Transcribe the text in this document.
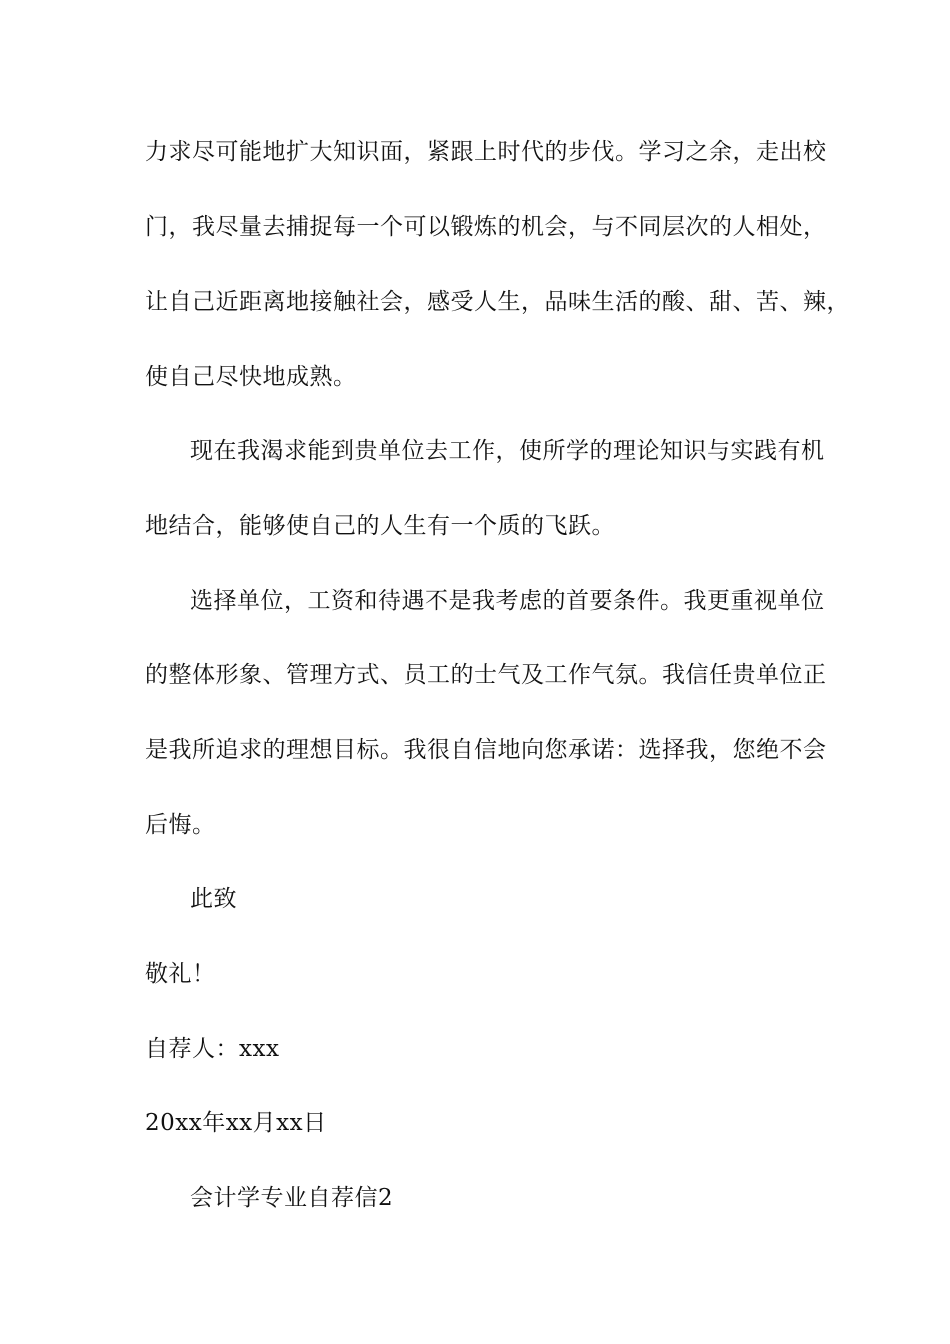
力求尽可能地扩大知识面，紧跟上时代的步伐。学习之余，走出校
门，我尽量去捕捉每一个可以锻炼的机会，与不同层次的人相处，
让自己近距离地接触社会，感受人生，品味生活的酸、甜、苦、辣，
使自己尽快地成熟。
现在我渴求能到贵单位去工作，使所学的理论知识与实践有机
地结合，能够使自己的人生有一个质的飞跃。
选择单位，工资和待遇不是我考虑的首要条件。我更重视单位
的整体形象、管理方式、员工的士气及工作气氛。我信任贵单位正
是我所追求的理想目标。我很自信地向您承诺：选择我，您绝不会
后悔。
此致
敬礼！
自荐人：xxx
20xx年xx月xx日
会计学专业自荐信2
